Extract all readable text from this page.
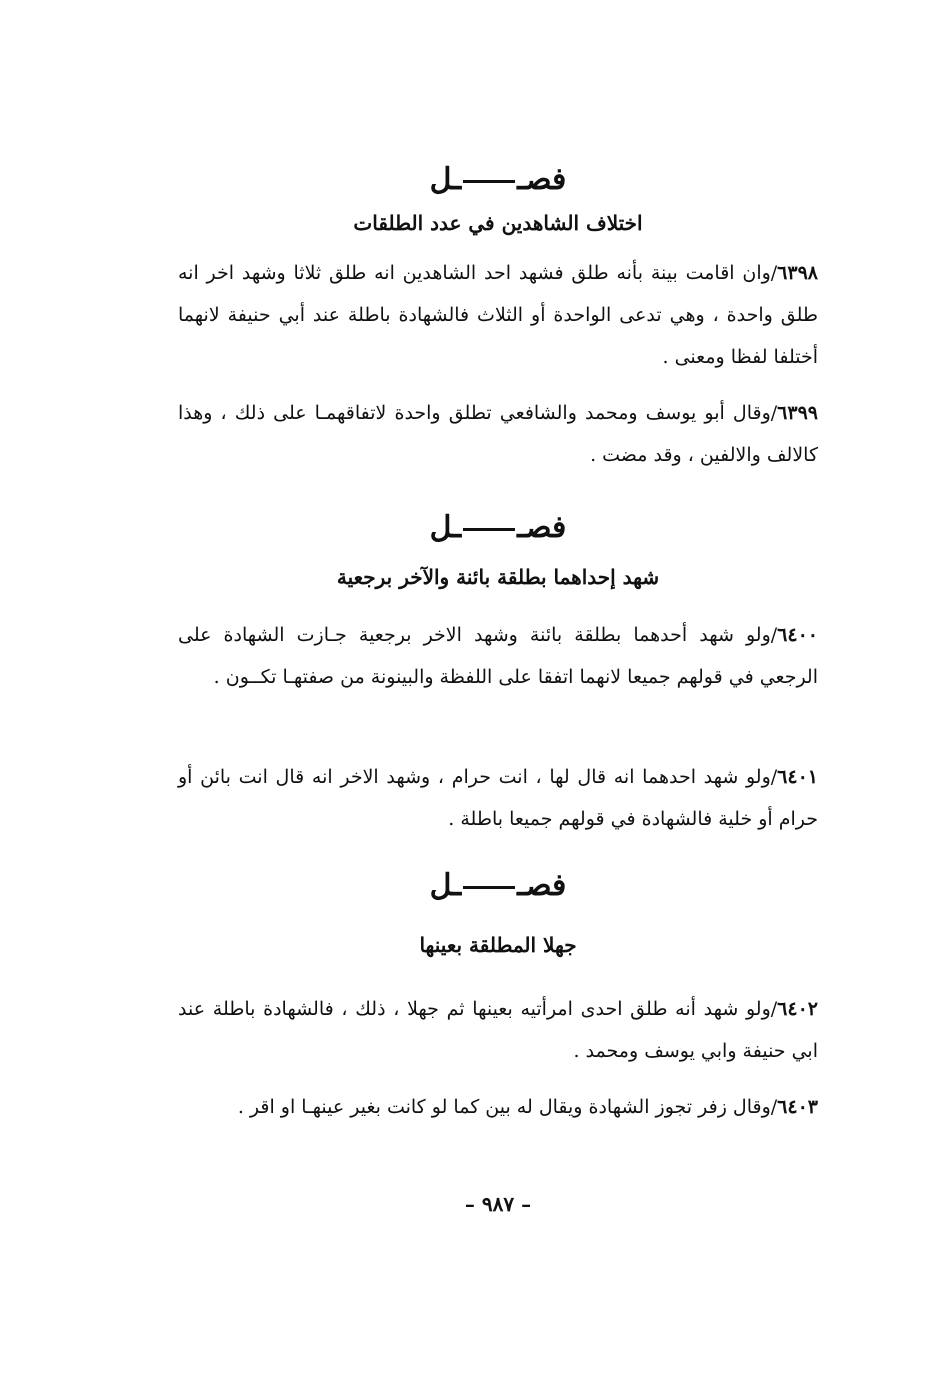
فصــل
اختلاف الشاهدين في عدد الطلقات
٦٣٩٨/وان اقامت بينة بأنه طلق فشهد احد الشاهدين انه طلق ثلاثا وشهد اخر انه طلق واحدة ، وهي تدعى الواحدة أو الثلاث فالشهادة باطلة عند أبي حنيفة لانهما أختلفا لفظا ومعنى .
٦٣٩٩/وقال أبو يوسف ومحمد والشافعي تطلق واحدة لاتفاقهمـا على ذلك ، وهذا كالالف والالفين ، وقد مضت .
فصــل
شهد إحداهما بطلقة بائنة والآخر برجعية
٦٤٠٠/ولو شهد أحدهما بطلقة بائنة وشهد الاخر برجعية جـازت الشهادة على الرجعي في قولهم جميعا لانهما اتفقا على اللفظة والبينونة من صفتهـا تكــون .
٦٤٠١/ولو شهد احدهما انه قال لها ، انت حرام ، وشهد الاخر انه قال انت بائن أو حرام أو خلية فالشهادة في قولهم جميعا باطلة .
فصــل
جهلا المطلقة بعينها
٦٤٠٢/ولو شهد أنه طلق احدى امرأتيه بعينها ثم جهلا ، ذلك ، فالشهادة باطلة عند ابي حنيفة وابي يوسف ومحمد .
٦٤٠٣/وقال زفر تجوز الشهادة ويقال له بين كما لو كانت بغير عينهـا او اقر .
– ٩٨٧ –
